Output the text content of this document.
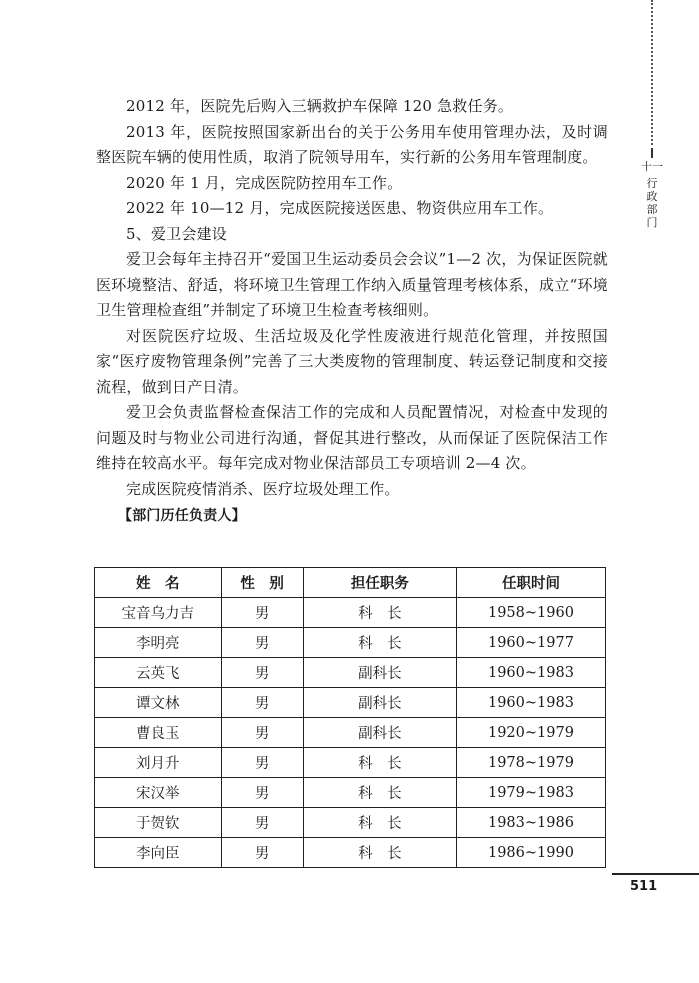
十一
行政部门

2012 年，医院先后购入三辆救护车保障 120 急救任务。

2013 年，医院按照国家新出台的关于公务用车使用管理办法，及时调整医院车辆的使用性质，取消了院领导用车，实行新的公务用车管理制度。

2020 年 1 月，完成医院防控用车工作。

2022 年 10—12 月，完成医院接送医患、物资供应用车工作。

5、爱卫会建设

爱卫会每年主持召开“爱国卫生运动委员会会议”1—2 次，为保证医院就医环境整洁、舒适，将环境卫生管理工作纳入质量管理考核体系，成立“环境卫生管理检查组”并制定了环境卫生检查考核细则。

对医院医疗垃圾、生活垃圾及化学性废液进行规范化管理，并按照国家“医疗废物管理条例”完善了三大类废物的管理制度、转运登记制度和交接流程，做到日产日清。

爱卫会负责监督检查保洁工作的完成和人员配置情况，对检查中发现的问题及时与物业公司进行沟通，督促其进行整改，从而保证了医院保洁工作维持在较高水平。每年完成对物业保洁部员工专项培训 2—4 次。

完成医院疫情消杀、医疗垃圾处理工作。

【部门历任负责人】

姓　名	性　别	担任职务	任职时间
宝音乌力吉	男	科　长	1958~1960
李明亮	男	科　长	1960~1977
云英飞	男	副科长	1960~1983
谭文林	男	副科长	1960~1983
曹良玉	男	副科长	1920~1979
刘月升	男	科　长	1978~1979
宋汉举	男	科　长	1979~1983
于贺钦	男	科　长	1983~1986
李向臣	男	科　长	1986~1990
511
